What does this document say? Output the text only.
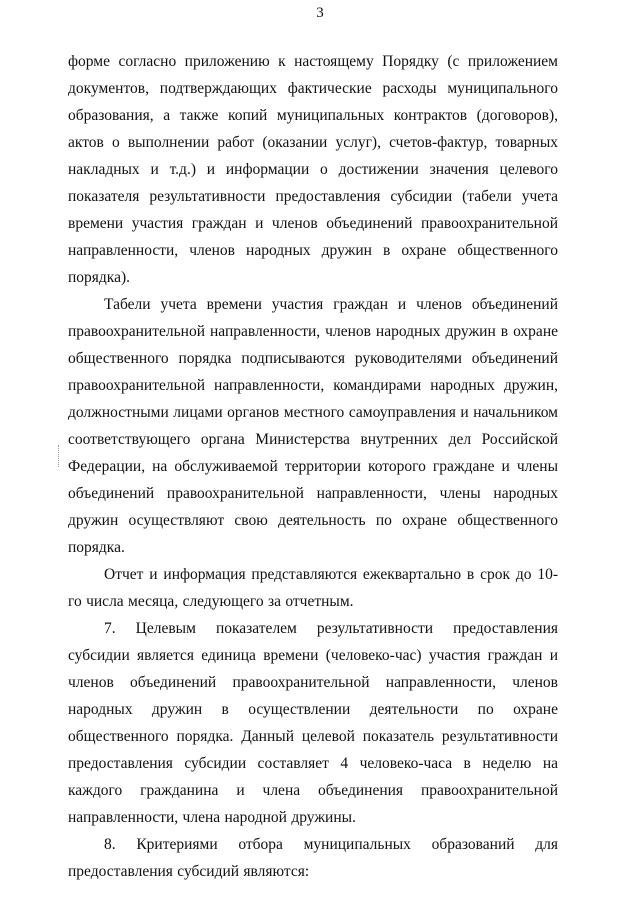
3

форме согласно приложению к настоящему Порядку (с приложением документов, подтверждающих фактические расходы муниципального образования, а также копий муниципальных контрактов (договоров), актов о выполнении работ (оказании услуг), счетов-фактур, товарных накладных и т.д.) и информации о достижении значения целевого показателя результативности предоставления субсидии (табели учета времени участия граждан и членов объединений правоохранительной направленности, членов народных дружин в охране общественного порядка).

Табели учета времени участия граждан и членов объединений правоохранительной направленности, членов народных дружин в охране общественного порядка подписываются руководителями объединений правоохранительной направленности, командирами народных дружин, должностными лицами органов местного самоуправления и начальником соответствующего органа Министерства внутренних дел Российской Федерации, на обслуживаемой территории которого граждане и члены объединений правоохранительной направленности, члены народных дружин осуществляют свою деятельность по охране общественного порядка.

Отчет и информация представляются ежеквартально в срок до 10-го числа месяца, следующего за отчетным.

7. Целевым показателем результативности предоставления субсидии является единица времени (человеко-час) участия граждан и членов объединений правоохранительной направленности, членов народных дружин в осуществлении деятельности по охране общественного порядка. Данный целевой показатель результативности предоставления субсидии составляет 4 человеко-часа в неделю на каждого гражданина и члена объединения правоохранительной направленности, члена народной дружины.

8. Критериями отбора муниципальных образований для предоставления субсидий являются:
